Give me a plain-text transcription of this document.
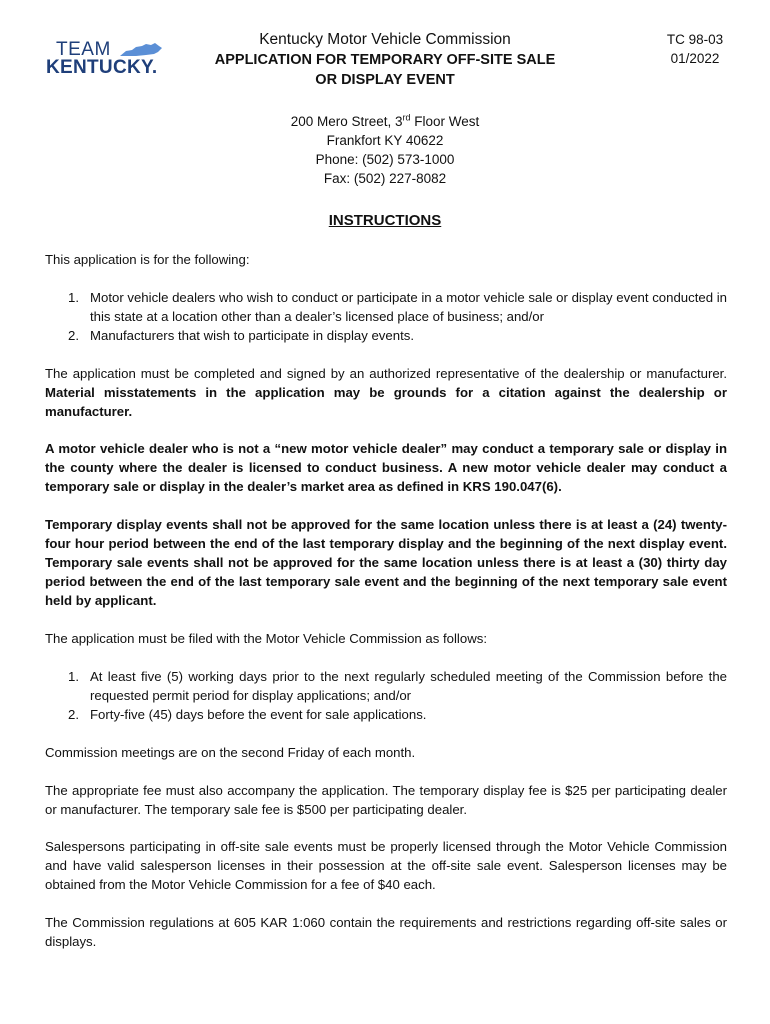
TEAM
KENTUCKY.
Kentucky Motor Vehicle Commission
APPLICATION FOR TEMPORARY OFF-SITE SALE
OR DISPLAY EVENT
TC 98-03
01/2022
200 Mero Street, 3rd Floor West
Frankfort KY 40622
Phone: (502) 573-1000
Fax: (502) 227-8082
INSTRUCTIONS
This application is for the following:
1. Motor vehicle dealers who wish to conduct or participate in a motor vehicle sale or display event conducted in this state at a location other than a dealer’s licensed place of business; and/or
2. Manufacturers that wish to participate in display events.
The application must be completed and signed by an authorized representative of the dealership or manufacturer. Material misstatements in the application may be grounds for a citation against the dealership or manufacturer.
A motor vehicle dealer who is not a “new motor vehicle dealer” may conduct a temporary sale or display in the county where the dealer is licensed to conduct business. A new motor vehicle dealer may conduct a temporary sale or display in the dealer’s market area as defined in KRS 190.047(6).
Temporary display events shall not be approved for the same location unless there is at least a (24) twenty-four hour period between the end of the last temporary display and the beginning of the next display event. Temporary sale events shall not be approved for the same location unless there is at least a (30) thirty day period between the end of the last temporary sale event and the beginning of the next temporary sale event held by applicant.
The application must be filed with the Motor Vehicle Commission as follows:
1. At least five (5) working days prior to the next regularly scheduled meeting of the Commission before the requested permit period for display applications; and/or
2. Forty-five (45) days before the event for sale applications.
Commission meetings are on the second Friday of each month.
The appropriate fee must also accompany the application. The temporary display fee is $25 per participating dealer or manufacturer. The temporary sale fee is $500 per participating dealer.
Salespersons participating in off-site sale events must be properly licensed through the Motor Vehicle Commission and have valid salesperson licenses in their possession at the off-site sale event. Salesperson licenses may be obtained from the Motor Vehicle Commission for a fee of $40 each.
The Commission regulations at 605 KAR 1:060 contain the requirements and restrictions regarding off-site sales or displays.
